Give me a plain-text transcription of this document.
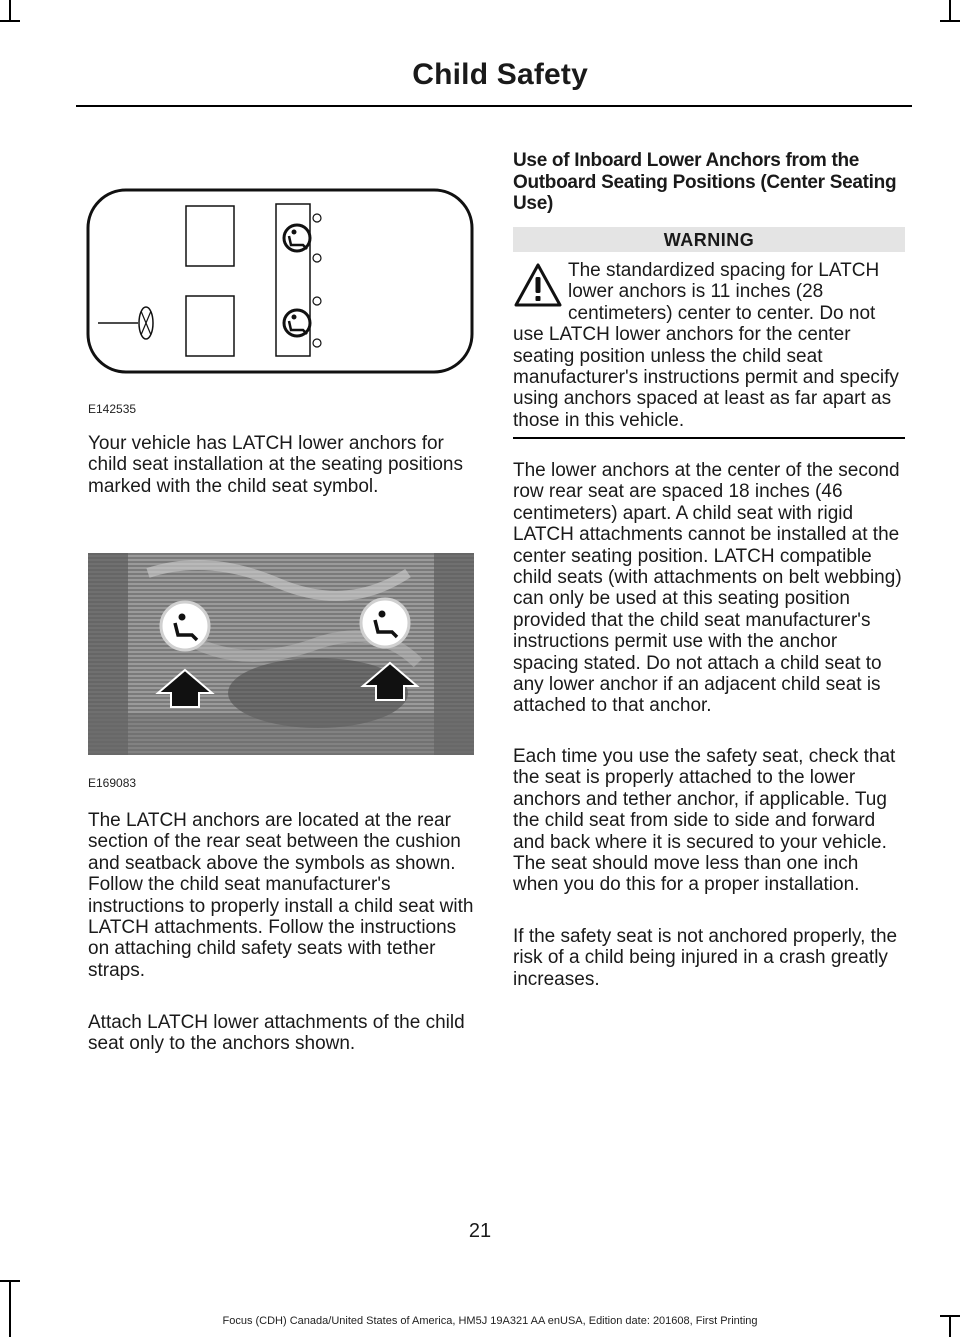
Child Safety
E142535

Your vehicle has LATCH lower anchors for child seat installation at the seating positions marked with the child seat symbol.

E169083

The LATCH anchors are located at the rear section of the rear seat between the cushion and seatback above the symbols as shown. Follow the child seat manufacturer's instructions to properly install a child seat with LATCH attachments. Follow the instructions on attaching child safety seats with tether straps.

Attach LATCH lower attachments of the child seat only to the anchors shown.

Use of Inboard Lower Anchors from the Outboard Seating Positions (Center Seating Use)
WARNING

The standardized spacing for LATCH lower anchors is 11 inches (28 centimeters) center to center. Do not use LATCH lower anchors for the center seating position unless the child seat manufacturer's instructions permit and specify using anchors spaced at least as far apart as those in this vehicle.

The lower anchors at the center of the second row rear seat are spaced 18 inches (46 centimeters) apart. A child seat with rigid LATCH attachments cannot be installed at the center seating position. LATCH compatible child seats (with attachments on belt webbing) can only be used at this seating position provided that the child seat manufacturer's instructions permit use with the anchor spacing stated. Do not attach a child seat to any lower anchor if an adjacent child seat is attached to that anchor.

Each time you use the safety seat, check that the seat is properly attached to the lower anchors and tether anchor, if applicable. Tug the child seat from side to side and forward and back where it is secured to your vehicle. The seat should move less than one inch when you do this for a proper installation.

If the safety seat is not anchored properly, the risk of a child being injured in a crash greatly increases.

21
Focus (CDH) Canada/United States of America, HM5J 19A321 AA enUSA, Edition date: 201608, First Printing
